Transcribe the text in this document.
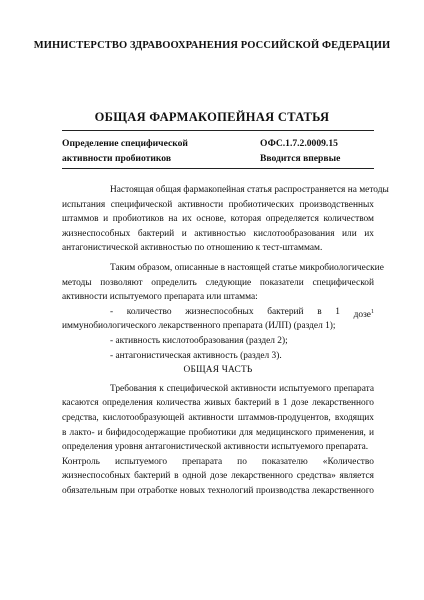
МИНИСТЕРСТВО ЗДРАВООХРАНЕНИЯ РОССИЙСКОЙ ФЕДЕРАЦИИ
ОБЩАЯ ФАРМАКОПЕЙНАЯ СТАТЬЯ
Определение специфической
активности пробиотиков
ОФС.1.7.2.0009.15
Вводится впервые
Настоящая общая фармакопейная статья распространяется на методы
испытания специфической активности пробиотических производственных
штаммов и пробиотиков на их основе, которая определяется количеством
жизнеспособных бактерий и активностью кислотообразования или их
антагонистической активностью по отношению к тест-штаммам.
Таким образом, описанные в настоящей статье микробиологические
методы позволяют определить следующие показатели специфической
активности испытуемого препарата или штамма:
- количество жизнеспособных бактерий в 1 дозе1
иммунобиологического лекарственного препарата (ИЛП) (раздел 1);
- активность кислотообразования (раздел 2);
- антагонистическая активность (раздел 3).
ОБЩАЯ ЧАСТЬ
Требования к специфической активности испытуемого препарата
касаются определения количества живых бактерий в 1 дозе лекарственного
средства, кислотообразующей активности штаммов-продуцентов, входящих
в лакто- и бифидосодержащие пробиотики для медицинского применения, и
определения уровня антагонистической активности испытуемого препарата.
Контроль испытуемого препарата по показателю «Количество
жизнеспособных бактерий в одной дозе лекарственного средства» является
обязательным при отработке новых технологий производства лекарственного
